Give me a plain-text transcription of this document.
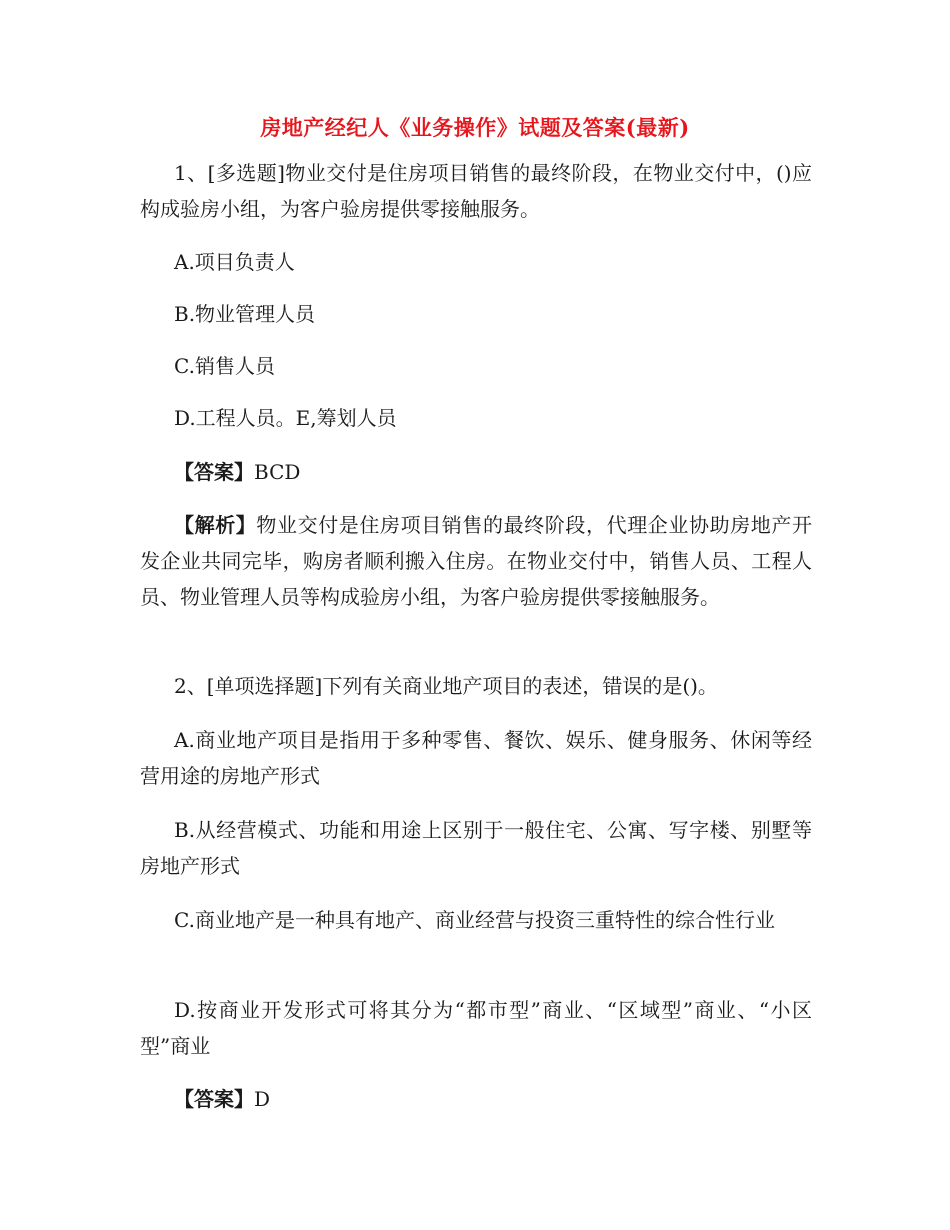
房地产经纪人《业务操作》试题及答案(最新)
1、[多选题]物业交付是住房项目销售的最终阶段，在物业交付中，()应构成验房小组，为客户验房提供零接触服务。
A.项目负责人
B.物业管理人员
C.销售人员
D.工程人员。E,筹划人员
【答案】BCD
【解析】物业交付是住房项目销售的最终阶段，代理企业协助房地产开发企业共同完毕，购房者顺利搬入住房。在物业交付中，销售人员、工程人员、物业管理人员等构成验房小组，为客户验房提供零接触服务。
2、[单项选择题]下列有关商业地产项目的表述，错误的是()。
A.商业地产项目是指用于多种零售、餐饮、娱乐、健身服务、休闲等经营用途的房地产形式
B.从经营模式、功能和用途上区别于一般住宅、公寓、写字楼、别墅等房地产形式
C.商业地产是一种具有地产、商业经营与投资三重特性的综合性行业
D.按商业开发形式可将其分为“都市型”商业、“区域型”商业、“小区型”商业
【答案】D
